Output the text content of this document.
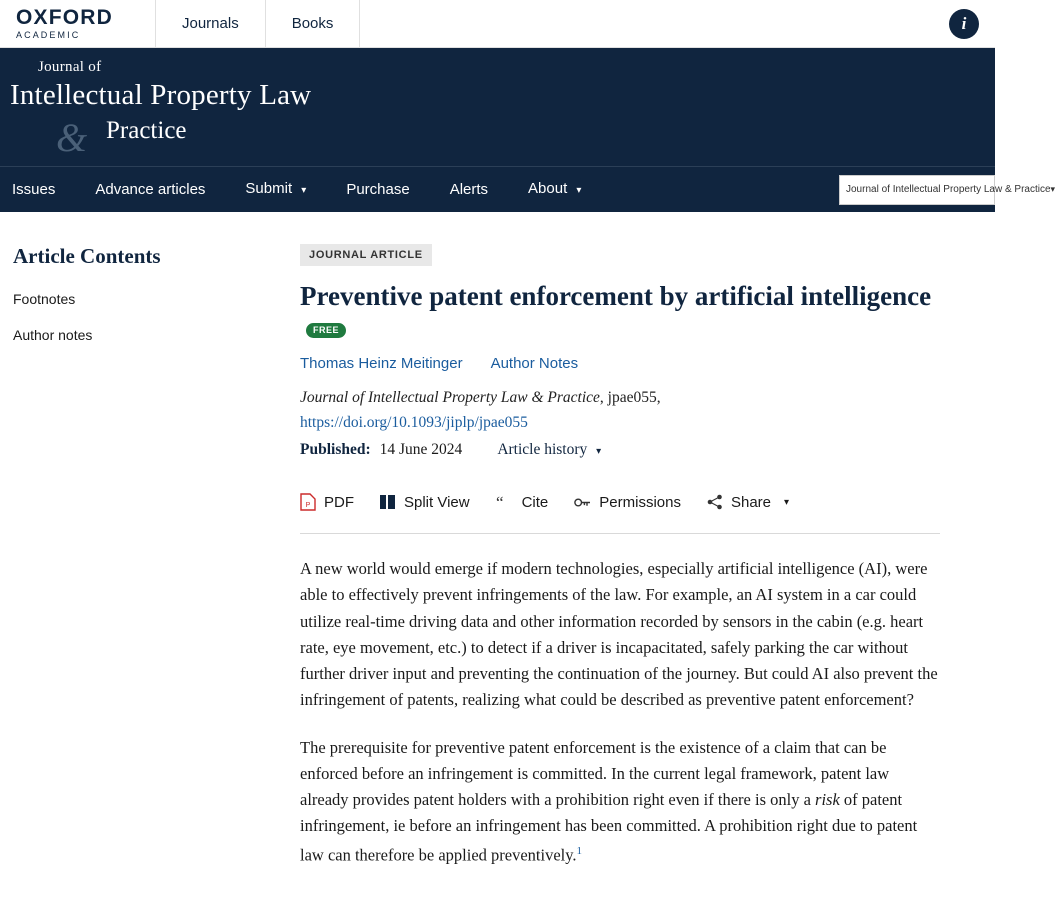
OXFORD
ACADEMIC
Journals	Books	i
Journal of
Intellectual Property Law
& Practice
Issues	Advance articles	Submit ▾	Purchase	Alerts	About ▾	Journal of Intellectual Property Law & Practice ▾
Article Contents
Footnotes
Author notes
JOURNAL ARTICLE
Preventive patent enforcement by artificial intelligenceFREE
Thomas Heinz Meitinger Author Notes
Journal of Intellectual Property Law & Practice, jpae055,
https://doi.org/10.1093/jiplp/jpae055
Published: 14 June 2024 Article history ▾
P PDF	Split View “ Cite	Permissions	Share ▾

A new world would emerge if modern technologies, especially artificial intelligence (AI), were able to effectively prevent infringements of the law. For example, an AI system in a car could utilize real-time driving data and other information recorded by sensors in the cabin (e.g. heart rate, eye movement, etc.) to detect if a driver is incapacitated, safely parking the car without further driver input and preventing the continuation of the journey. But could AI also prevent the infringement of patents, realizing what could be described as preventive patent enforcement?

The prerequisite for preventive patent enforcement is the existence of a claim that can be enforced before an infringement is committed. In the current legal framework, patent law already provides patent holders with a prohibition right even if there is only a risk of patent infringement, ie before an infringement has been committed. A prohibition right due to patent law can therefore be applied preventively.$^1$
